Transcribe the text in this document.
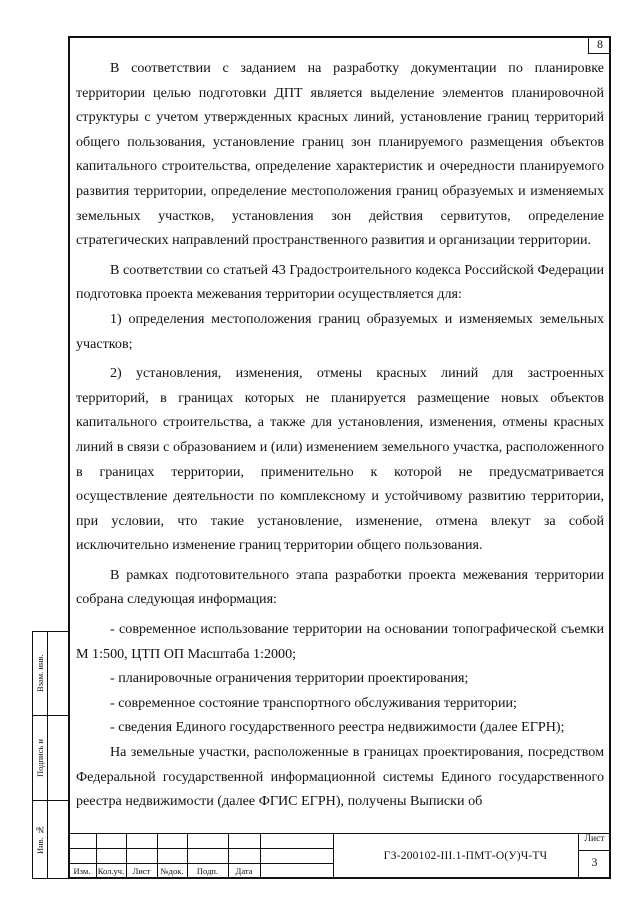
8

В соответствии с заданием на разработку документации по планировке территории целью подготовки ДПТ является выделение элементов планировочной структуры с учетом утвержденных красных линий, установление границ территорий общего пользования, установление границ зон планируемого размещения объектов капитального строительства, определение характеристик и очередности планируемого развития территории, определение местоположения границ образуемых и изменяемых земельных участков, установления зон действия сервитутов, определение стратегических направлений пространственного развития и организации территории.

В соответствии со статьей 43 Градостроительного кодекса Российской Федерации подготовка проекта межевания территории осуществляется для:

1) определения местоположения границ образуемых и изменяемых земельных участков;

2) установления, изменения, отмены красных линий для застроенных территорий, в границах которых не планируется размещение новых объектов капитального строительства, а также для установления, изменения, отмены красных линий в связи с образованием и (или) изменением земельного участка, расположенного в границах территории, применительно к которой не предусматривается осуществление деятельности по комплексному и устойчивому развитию территории, при условии, что такие установление, изменение, отмена влекут за собой исключительно изменение границ территории общего пользования.

В рамках подготовительного этапа разработки проекта межевания территории собрана следующая информация:

- современное использование территории на основании топографической съемки М 1:500, ЦТП ОП Масштаба 1:2000;

- планировочные ограничения территории проектирования;

- современное состояние транспортного обслуживания территории;

- сведения Единого государственного реестра недвижимости (далее ЕГРН);

На земельные участки, расположенные в границах проектирования, посредством Федеральной государственной информационной системы Единого государственного реестра недвижимости (далее ФГИС ЕГРН), получены Выписки об

Взам. инв.
Подпись и
Инв. №
Изм. Кол.уч. Лист	№док.	Подп.	Дата
ГЗ-200102-III.1-ПМТ-О(У)Ч-ТЧ
Лист
3
